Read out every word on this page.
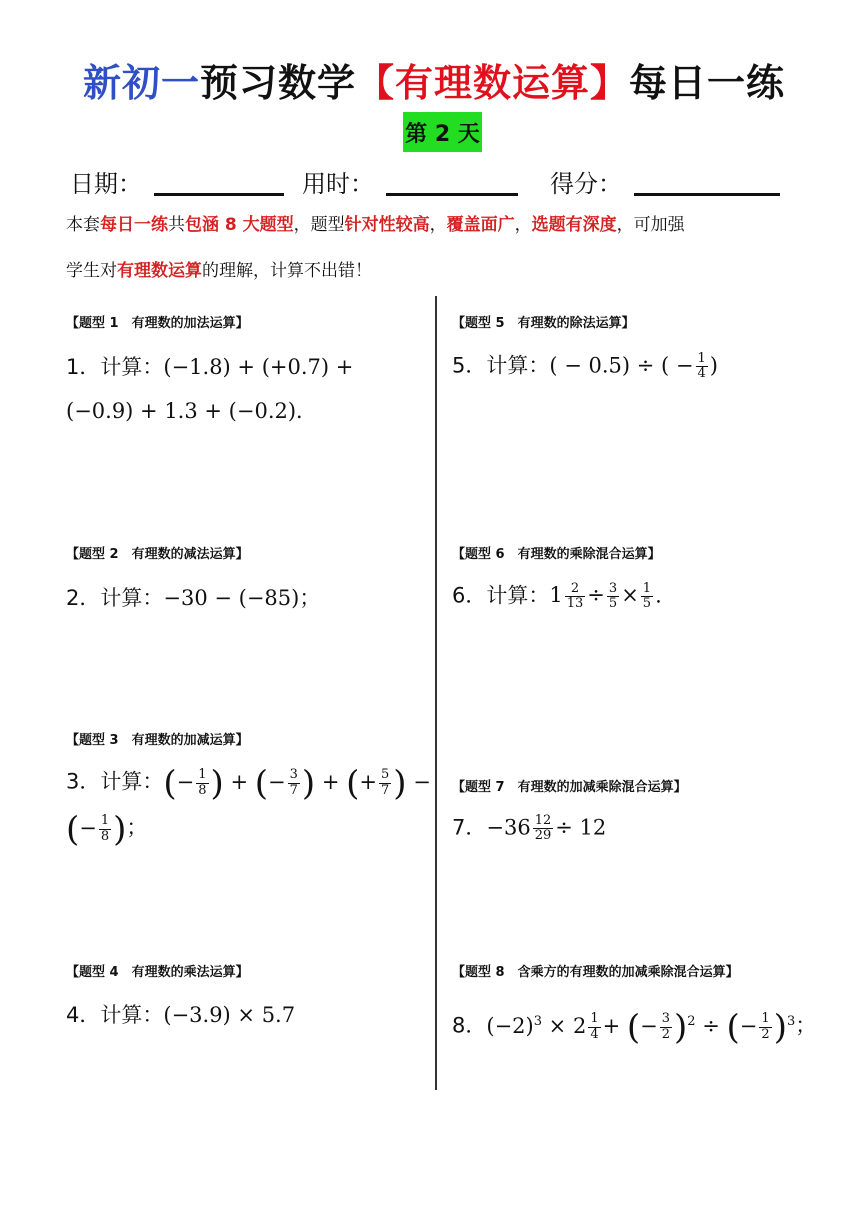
新初一预习数学【有理数运算】每日一练
第 2 天
日期：	用时：	得分：
本套每日一练共包涵 8 大题型，题型针对性较高，覆盖面广，选题有深度，可加强
学生对有理数运算的理解，计算不出错！
【题型 1　有理数的加法运算】
1．计算：(−1.8) + (+0.7) +
(−0.9) + 1.3 + (−0.2)．
【题型 2　有理数的减法运算】
2．计算：−30 − (−85)；
【题型 3　有理数的加减运算】
3．计算：(− $\frac{1}{8}$ ) + (− $\frac{3}{7}$ ) + (+ $\frac{5}{7}$ ) −
(− $\frac{1}{8}$ )；
【题型 4　有理数的乘法运算】
4．计算：(−3.9) × 5.7
【题型 5　有理数的除法运算】
5．计算：( − 0.5) ÷ ( − $\frac{1}{4}$ )
【题型 6　有理数的乘除混合运算】
6．计算：$1 \frac{2}{13} \div \frac{3}{5} \times \frac{1}{5}$ .
【题型 7　有理数的加减乘除混合运算】
7．$-36 \frac{12}{29} \div 12$
【题型 8　含乘方的有理数的加减乘除混合运算】
8．$(-2)^3 \times 2 \frac{1}{4}$ + (− $\frac{3}{2} )^2$ ÷ (− $\frac{1}{2} )^3$；
